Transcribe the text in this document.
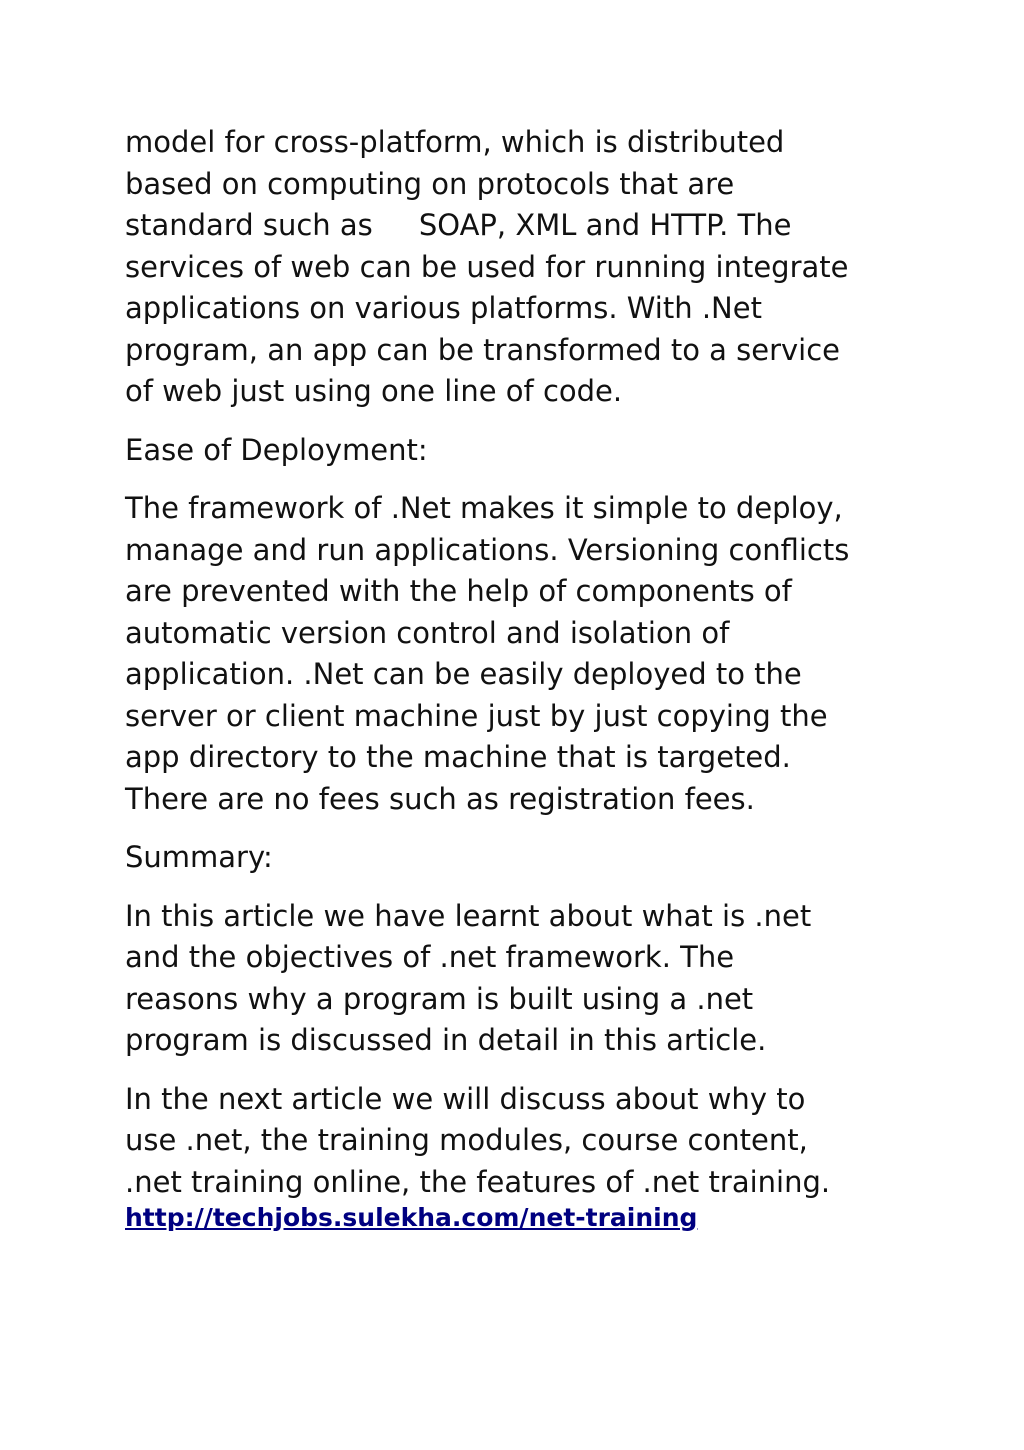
model for cross-platform, which is distributed
based on computing on protocols that are
standard such as     SOAP, XML and HTTP. The
services of web can be used for running integrate
applications on various platforms. With .Net
program, an app can be transformed to a service
of web just using one line of code.

Ease of Deployment:

The framework of .Net makes it simple to deploy,
manage and run applications. Versioning conflicts
are prevented with the help of components of
automatic version control and isolation of
application. .Net can be easily deployed to the
server or client machine just by just copying the
app directory to the machine that is targeted.
There are no fees such as registration fees.

Summary:

In this article we have learnt about what is .net
and the objectives of .net framework. The
reasons why a program is built using a .net
program is discussed in detail in this article.

In the next article we will discuss about why to
use .net, the training modules, course content,
.net training online, the features of .net training.

http://techjobs.sulekha.com/net-training
